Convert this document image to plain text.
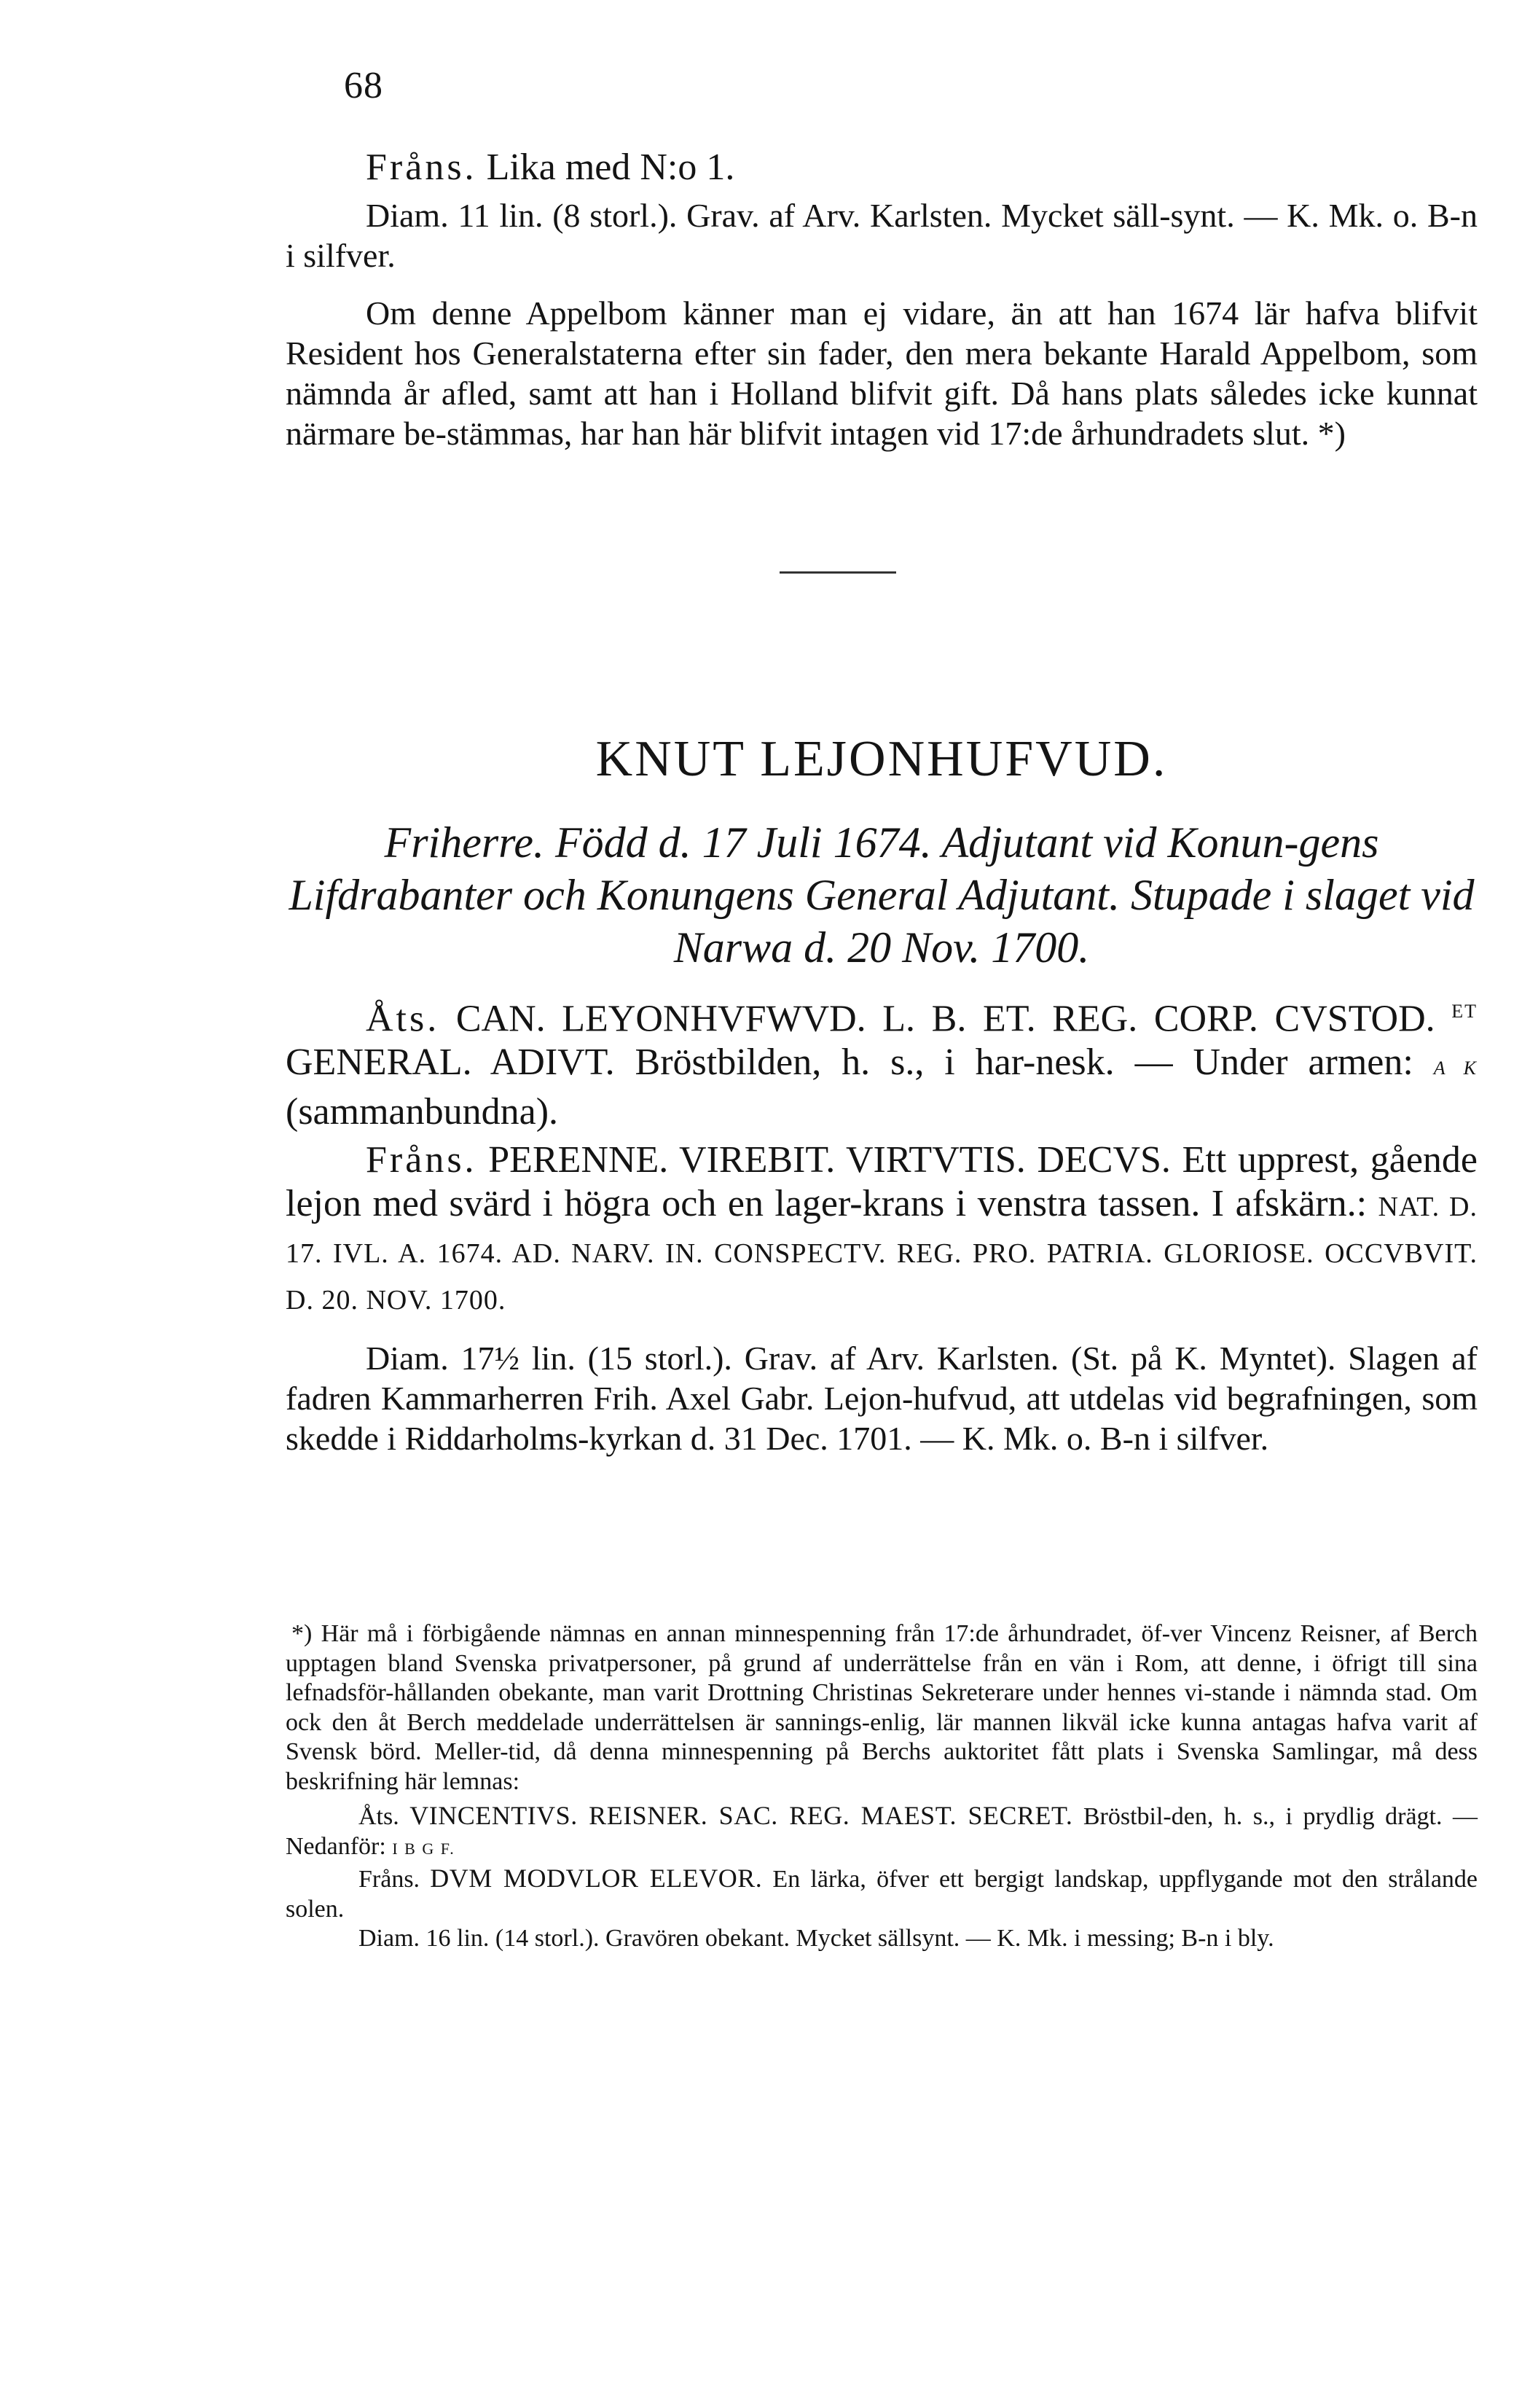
68

Fråns. Lika med N:o 1.

Diam. 11 lin. (8 storl.). Grav. af Arv. Karlsten. Mycket säll-synt. — K. Mk. o. B-n i silfver.

Om denne Appelbom känner man ej vidare, än att han 1674 lär hafva blifvit Resident hos Generalstaterna efter sin fader, den mera bekante Harald Appelbom, som nämnda år afled, samt att han i Holland blifvit gift. Då hans plats således icke kunnat närmare be-stämmas, har han här blifvit intagen vid 17:de århundradets slut. *)

KNUT LEJONHUFVUD.
Friherre. Född d. 17 Juli 1674. Adjutant vid Konun-gens Lifdrabanter och Konungens General Adjutant. Stupade i slaget vid Narwa d. 20 Nov. 1700.

Åts. CAN. LEYONHVFWVD. L. B. ET. REG. CORP. CVSTOD. $^{ET}$ GENERAL. ADIVT. Bröstbilden, h. s., i har-nesk. — Under armen: A K (sammanbundna).

Fråns. PERENNE. VIREBIT. VIRTVTIS. DECVS. Ett upprest, gående lejon med svärd i högra och en lager-krans i venstra tassen. I afskärn.: NAT. D. 17. IVL. A. 1674. AD. NARV. IN. CONSPECTV. REG. PRO. PATRIA. GLORIOSE. OCCVBVIT. D. 20. NOV. 1700.

Diam. 17½ lin. (15 storl.). Grav. af Arv. Karlsten. (St. på K. Myntet). Slagen af fadren Kammarherren Frih. Axel Gabr. Lejon-hufvud, att utdelas vid begrafningen, som skedde i Riddarholms-kyrkan d. 31 Dec. 1701. — K. Mk. o. B-n i silfver.

*) Här må i förbigående nämnas en annan minnespenning från 17:de århundradet, öf-ver Vincenz Reisner, af Berch upptagen bland Svenska privatpersoner, på grund af underrättelse från en vän i Rom, att denne, i öfrigt till sina lefnadsför-hållanden obekante, man varit Drottning Christinas Sekreterare under hennes vi-stande i nämnda stad. Om ock den åt Berch meddelade underrättelsen är sannings-enlig, lär mannen likväl icke kunna antagas hafva varit af Svensk börd. Meller-tid, då denna minnespenning på Berchs auktoritet fått plats i Svenska Samlingar, må dess beskrifning här lemnas:

Åts. VINCENTIVS. REISNER. SAC. REG. MAEST. SECRET. Bröstbil-den, h. s., i prydlig drägt. — Nedanför: I B G F.

Fråns. DVM MODVLOR ELEVOR. En lärka, öfver ett bergigt landskap, uppflygande mot den strålande solen.

Diam. 16 lin. (14 storl.). Gravören obekant. Mycket sällsynt. — K. Mk. i messing; B-n i bly.
